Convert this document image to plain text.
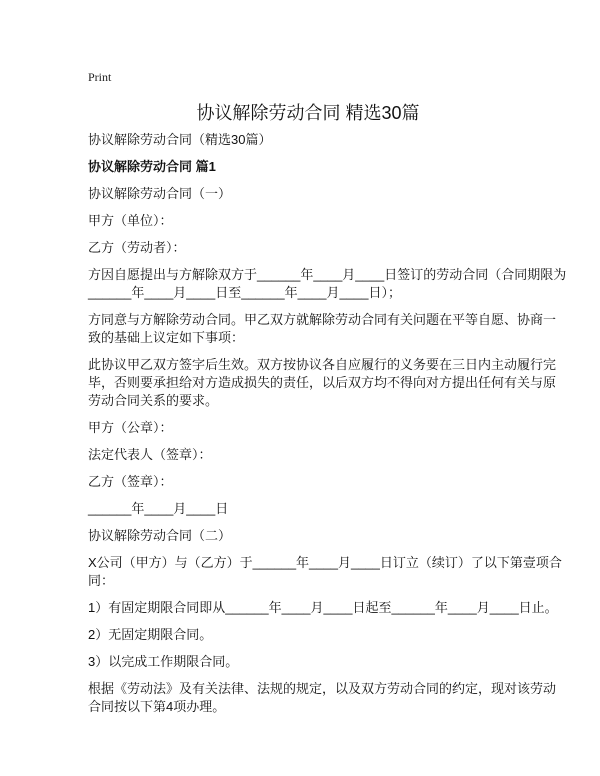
Print
协议解除劳动合同 精选30篇
协议解除劳动合同（精选30篇）
协议解除劳动合同 篇1
协议解除劳动合同（一）
甲方（单位）：
乙方（劳动者）：
方因自愿提出与方解除双方于______年____月____日签订的劳动合同（合同期限为
______年____月____日至______年____月____日）；
方同意与方解除劳动合同。甲乙双方就解除劳动合同有关问题在平等自愿、协商一
致的基础上议定如下事项：
此协议甲乙双方签字后生效。双方按协议各自应履行的义务要在三日内主动履行完
毕，否则要承担给对方造成损失的责任，以后双方均不得向对方提出任何有关与原
劳动合同关系的要求。
甲方（公章）：
法定代表人（签章）：
乙方（签章）：
______年____月____日
协议解除劳动合同（二）
X公司（甲方）与（乙方）于______年____月____日订立（续订）了以下第壹项合
同：
1）有固定期限合同即从______年____月____日起至______年____月____日止。
2）无固定期限合同。
3）以完成工作期限合同。
根据《劳动法》及有关法律、法规的规定，以及双方劳动合同的约定，现对该劳动
合同按以下第4项办理。
